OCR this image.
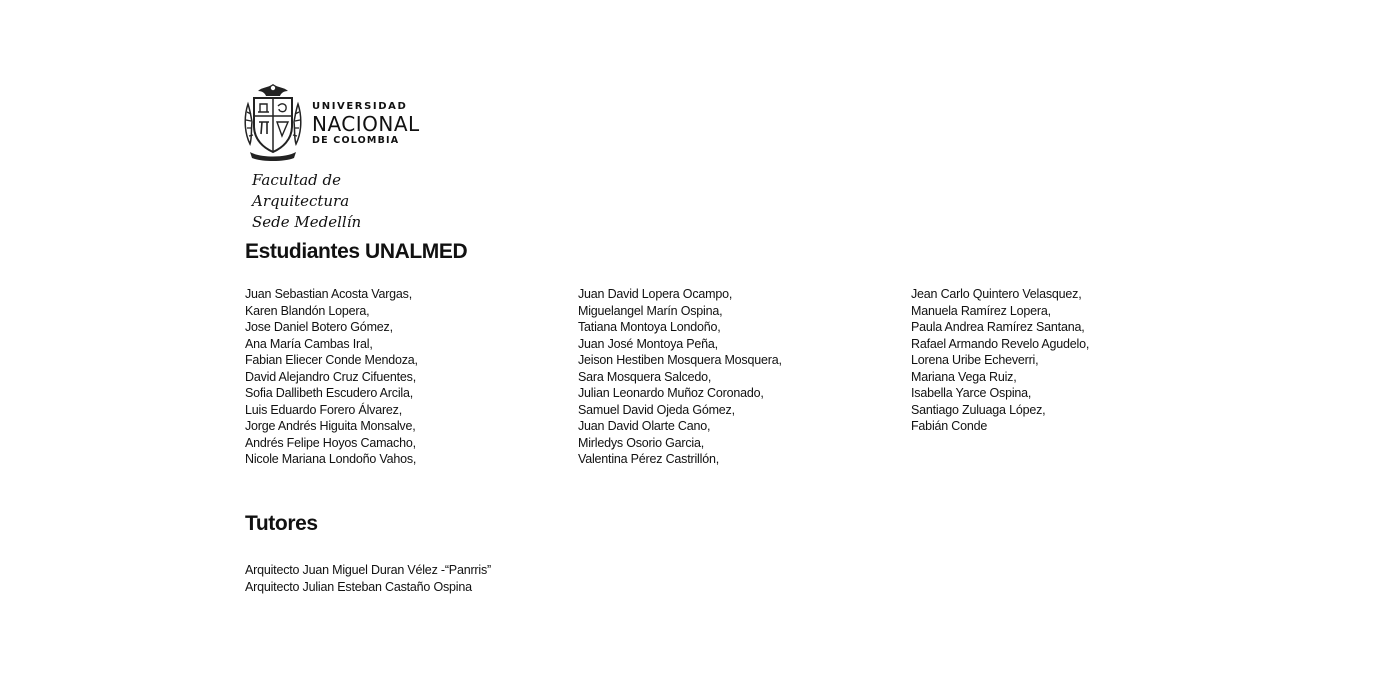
UNIVERSIDAD
NACIONAL
DE COLOMBIA
Facultad de Arquitectura
Sede Medellín
Estudiantes UNALMED
Juan Sebastian Acosta Vargas,
Karen Blandón Lopera,
Jose Daniel Botero Gómez,
Ana María Cambas Iral,
Fabian Eliecer Conde Mendoza,
David Alejandro Cruz Cifuentes,
Sofia Dallibeth Escudero Arcila,
Luis Eduardo Forero Álvarez,
Jorge Andrés Higuita Monsalve,
Andrés Felipe Hoyos Camacho,
Nicole Mariana Londoño Vahos,
Juan David Lopera Ocampo,
Miguelangel Marín Ospina,
Tatiana Montoya Londoño,
Juan José Montoya Peña,
Jeison Hestiben Mosquera Mosquera,
Sara Mosquera Salcedo,
Julian Leonardo Muñoz Coronado,
Samuel David Ojeda Gómez,
Juan David Olarte Cano,
Mirledys Osorio Garcia,
Valentina Pérez Castrillón,
Jean Carlo Quintero Velasquez,
Manuela Ramírez Lopera,
Paula Andrea Ramírez Santana,
Rafael Armando Revelo Agudelo,
Lorena Uribe Echeverri,
Mariana Vega Ruiz,
Isabella Yarce Ospina,
Santiago Zuluaga López,
Fabián Conde
Tutores
Arquitecto Juan Miguel Duran Vélez -“Panrris”
Arquitecto Julian Esteban Castaño Ospina
